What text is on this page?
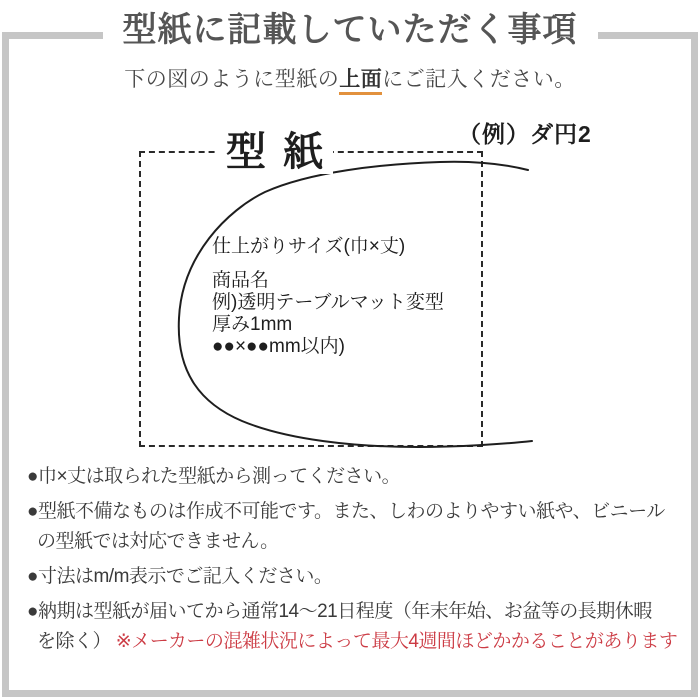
型紙に記載していただく事項

下の図のように型紙の上面にご記入ください。

（例）ダ円2
型 紙
仕上がりサイズ(巾×丈)
商品名
例)透明テーブルマット変型
厚み1mm
●●×●●mm以内)

●巾×丈は取られた型紙から測ってください。

●型紙不備なものは作成不可能です。また、しわのよりやすい紙や、ビニール
の型紙では対応できません。

●寸法はm/m表示でご記入ください。

●納期は型紙が届いてから通常14〜21日程度（年末年始、お盆等の長期休暇
を除く） ※メーカーの混雑状況によって最大4週間ほどかかることがあります
